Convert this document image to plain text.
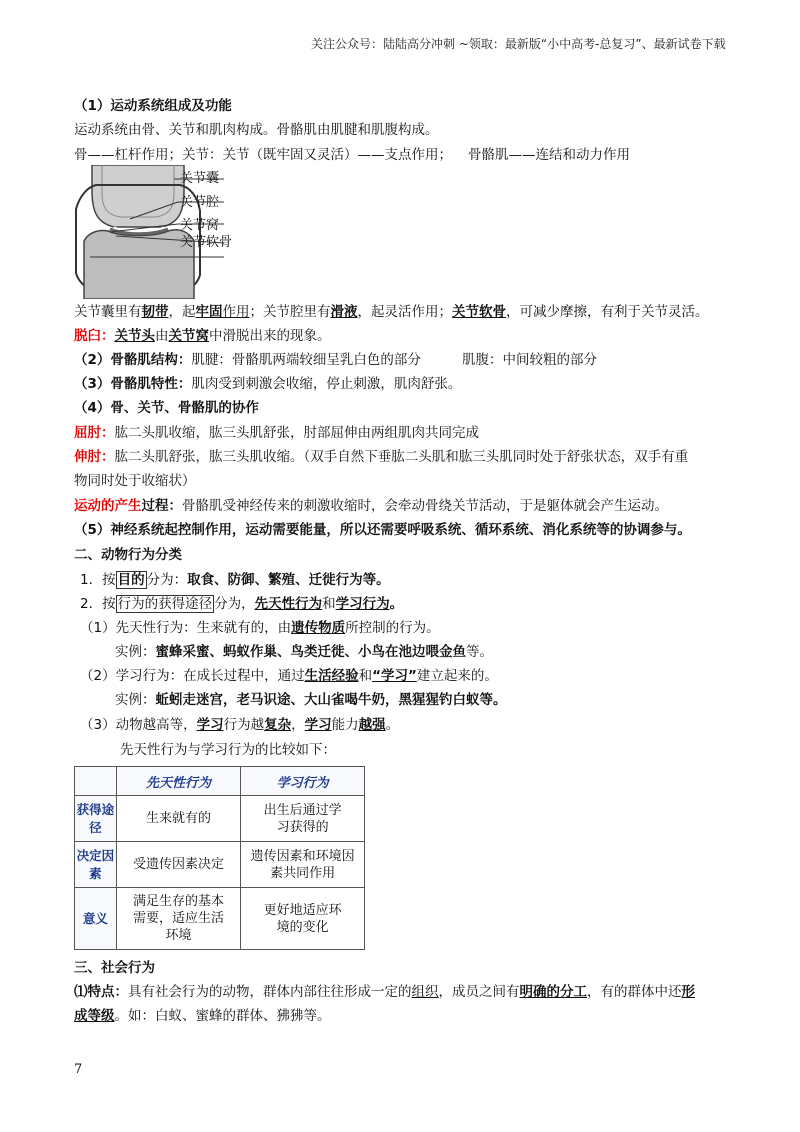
关注公众号：陆陆高分冲刺 ~领取：最新版“小中高考-总复习”、最新试卷下载
（1）运动系统组成及功能
运动系统由骨、关节和肌肉构成。骨骼肌由肌腱和肌腹构成。
骨——杠杆作用；关节：关节（既牢固又灵活）——支点作用； 骨骼肌——连结和动力作用
关节囊
关节腔
关节窝
关节软骨
关节囊里有韧带，起牢固作用；关节腔里有滑液，起灵活作用；关节软骨，可减少摩擦，有利于关节灵活。
脱臼：关节头由关节窝中滑脱出来的现象。
（2）骨骼肌结构：肌腱：骨骼肌两端较细呈乳白色的部分	肌腹：中间较粗的部分
（3）骨骼肌特性：肌肉受到刺激会收缩，停止刺激，肌肉舒张。
（4）骨、关节、骨骼肌的协作
屈肘：肱二头肌收缩，肱三头肌舒张，肘部屈伸由两组肌肉共同完成
伸肘：肱二头肌舒张，肱三头肌收缩。（双手自然下垂肱二头肌和肱三头肌同时处于舒张状态，双手有重
物同时处于收缩状）
运动的产生过程：骨骼肌受神经传来的刺激收缩时，会牵动骨绕关节活动，于是躯体就会产生运动。
（5）神经系统起控制作用，运动需要能量，所以还需要呼吸系统、循环系统、消化系统等的协调参与。
二、动物行为分类
1．按 目的 分为：取食、防御、繁殖、迁徙行为等。
2．按 行为的获得途径 分为，先天性行为和学习行为。
（1）先天性行为：生来就有的，由遗传物质所控制的行为。
实例：蜜蜂采蜜、蚂蚁作巢、鸟类迁徙、小鸟在池边喂金鱼等。
（2）学习行为：在成长过程中，通过生活经验和“学习”建立起来的。
实例：蚯蚓走迷宫，老马识途、大山雀喝牛奶，黑猩猩钓白蚁等。
（3）动物越高等，学习行为越复杂，学习能力越强。
先天性行为与学习行为的比较如下：
	先天性行为	学习行为
获得途径	生来就有的	出生后通过学习获得的
决定因素	受遗传因素决定	遗传因素和环境因素共同作用
意义	满足生存的基本需要，适应生活环境	更好地适应环境的变化
三、社会行为
⑴特点：具有社会行为的动物，群体内部往往形成一定的组织，成员之间有明确的分工，有的群体中还形
成等级。如：白蚁、蜜蜂的群体、狒狒等。
7
